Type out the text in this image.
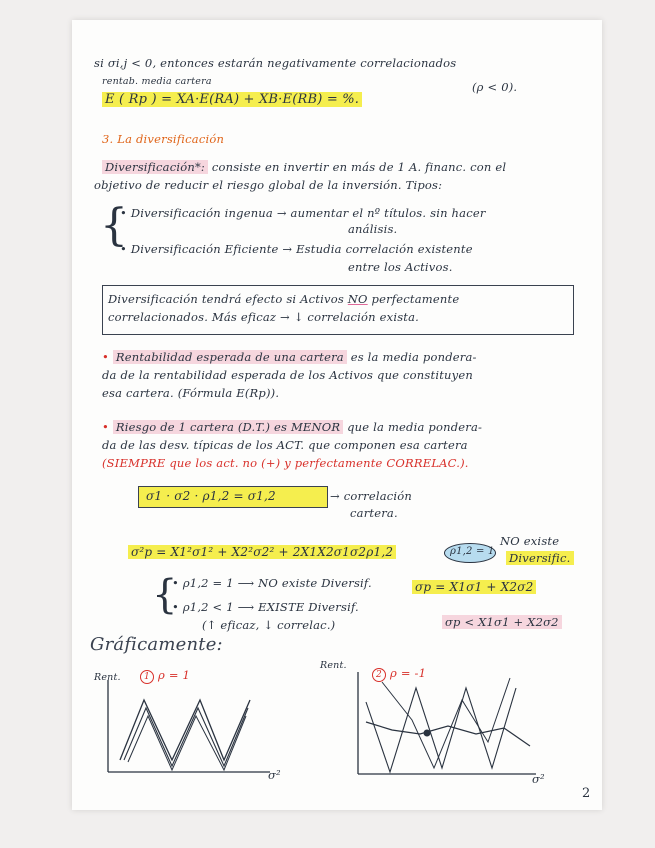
si σi,j < 0, entonces estarán negativamente correlacionados
rentab. media cartera	(ρ < 0).
E ( Rp ) = XA·E(RA) + XB·E(RB) = %.
3. La diversificación
Diversificación*: consiste en invertir en más de 1 A. financ. con el
objetivo de reducir el riesgo global de la inversión. Tipos:
{
• Diversificación ingenua → aumentar el nº títulos. sin hacer
análisis.
• Diversificación Eficiente → Estudia correlación existente
entre los Activos.
Diversificación tendrá efecto si Activos NO perfectamente
correlacionados. Más eficaz → ↓ correlación exista.
• Rentabilidad esperada de una cartera es la media pondera-
da de la rentabilidad esperada de los Activos que constituyen
esa cartera. (Fórmula E(Rp)).
• Riesgo de 1 cartera (D.T.) es MENOR que la media pondera-
da de las desv. típicas de los ACT. que componen esa cartera
(SIEMPRE que los act. no (+) y perfectamente CORRELAC.).
σ1 · σ2 · ρ1,2 = σ1,2	→ correlación
cartera.
σ²p = X1²σ1² + X2²σ2² + 2X1X2σ1σ2ρ1,2	ρ1,2 = 1
NO existe
Diversific.
{
• ρ1,2 = 1 ⟶ NO existe Diversif.	σp = X1σ1 + X2σ2
• ρ1,2 < 1 ⟶ EXISTE Diversif.
(↑ eficaz, ↓ correlac.)	σp < X1σ1 + X2σ2
Gráficamente:
Rent.	1 ρ = 1
σ²
Rent.
2 ρ = -1
σ²
2
